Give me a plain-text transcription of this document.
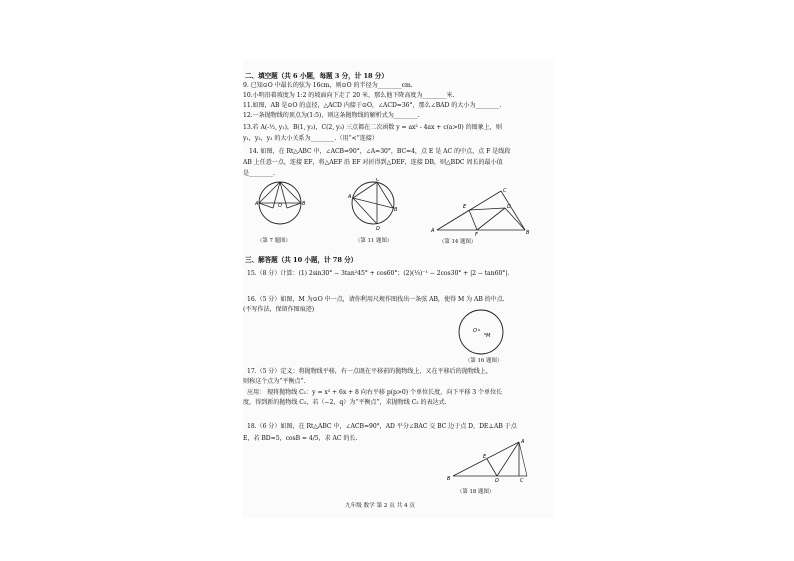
二、填空题（共 6 小题，每题 3 分，计 18 分）
9. 已知⊙O 中最长的弦为 16cm，则⊙O 的半径为________cm.
10.小明沿着坡度为 1:2 的坡面向下走了 20 米，那么他下降高度为________米.
11.如图，AB 是⊙O 的直径，△ACD 内接于⊙O，∠ACD=36°，那么∠BAD 的大小为________.
12.一条抛物线的顶点为(1:5)，则这条抛物线的解析式为________.
13.若 A(-½, y₁)，B(1, y₂)，C(2, y₃) 三点都在二次函数 y = ax² - 4ax + c(a>0) 的图象上，则
y₁，y₂，y₃ 的大小关系为________.（用“<”连接）
14. 如图，在 Rt△ABC 中，∠ACB=90°，∠A=30°，BC=4，点 E 是 AC 的中点，点 F 是线段
AB 上任意一点，连接 EF，将△AEF 沿 EF 对折得到△DEF，连接 DB，则△BDC 周长的最小值
是________.
A	B
O
（第 7 题图）
A
B
C
D
（第 11 题图）
A	B
C
D
E
F
（第 14 题图）
三、解答题（共 10 小题，计 78 分）
15.（8 分）计算：(1) 2sin30° − 3tan²45° + cos60°；(2)(⅓)⁻¹ − 2cos30° + |2 − tan60°|.
16.（5 分）如图，M 为⊙O 中一点，请你利用尺规作图找出一条弦 AB，使得 M 为 AB 的中点.
(不写作法，保留作图痕迹)
O
M
（第 16 题图）
17.（5 分）定义：将抛物线平移，有一点既在平移前的抛物线上，又在平移后的抛物线上，
则称这个点为“平衡点”.
应用： 现将抛物线 C₁：y = x² + 6x + 8 向右平移 p(p>0) 个单位长度，向下平移 3 个单位长
度，得到新的抛物线 C₂，若（−2，q）为“平衡点”，求抛物线 C₂ 的表达式.
18.（6 分）如图，在 Rt△ABC 中，∠ACB=90°，AD 平分∠BAC 交 BC 边于点 D，DE⊥AB 于点
E，若 BD=5，cosB = 4/5，求 AC 的长.
B
A
C
D
E
（第 18 题图）
九年级 数学 第 2 页 共 4 页
